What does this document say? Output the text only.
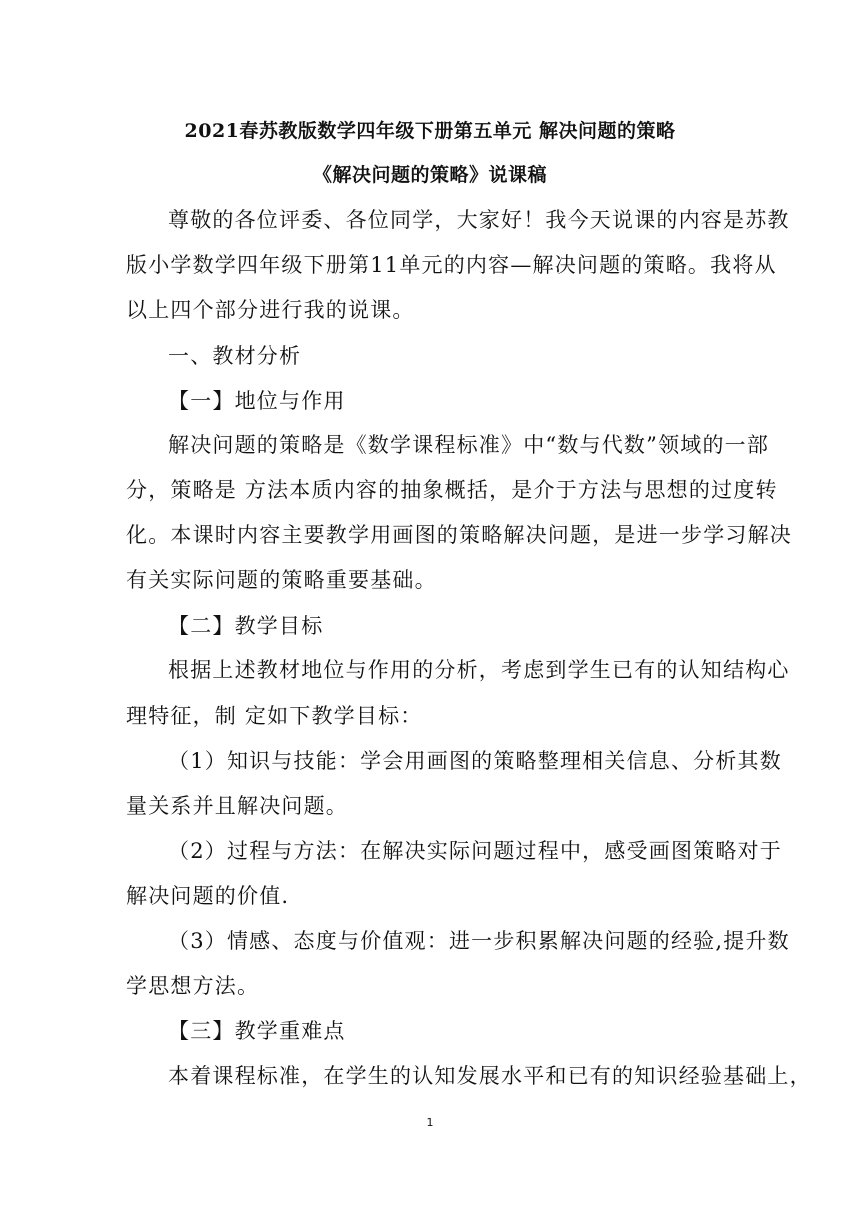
2021春苏教版数学四年级下册第五单元 解决问题的策略
《解决问题的策略》说课稿
尊敬的各位评委、各位同学，大家好！我今天说课的内容是苏教
版小学数学四年级下册第11单元的内容—解决问题的策略。我将从
以上四个部分进行我的说课。
一、教材分析
【一】地位与作用
解决问题的策略是《数学课程标准》中“数与代数”领域的一部
分，策略是 方法本质内容的抽象概括，是介于方法与思想的过度转
化。本课时内容主要教学用画图的策略解决问题，是进一步学习解决
有关实际问题的策略重要基础。
【二】教学目标
根据上述教材地位与作用的分析，考虑到学生已有的认知结构心
理特征，制 定如下教学目标：
（1）知识与技能：学会用画图的策略整理相关信息、分析其数
量关系并且解决问题。
（2）过程与方法：在解决实际问题过程中，感受画图策略对于
解决问题的价值.
（3）情感、态度与价值观：进一步积累解决问题的经验,提升数
学思想方法。
【三】教学重难点
本着课程标准，在学生的认知发展水平和已有的知识经验基础上，
1
